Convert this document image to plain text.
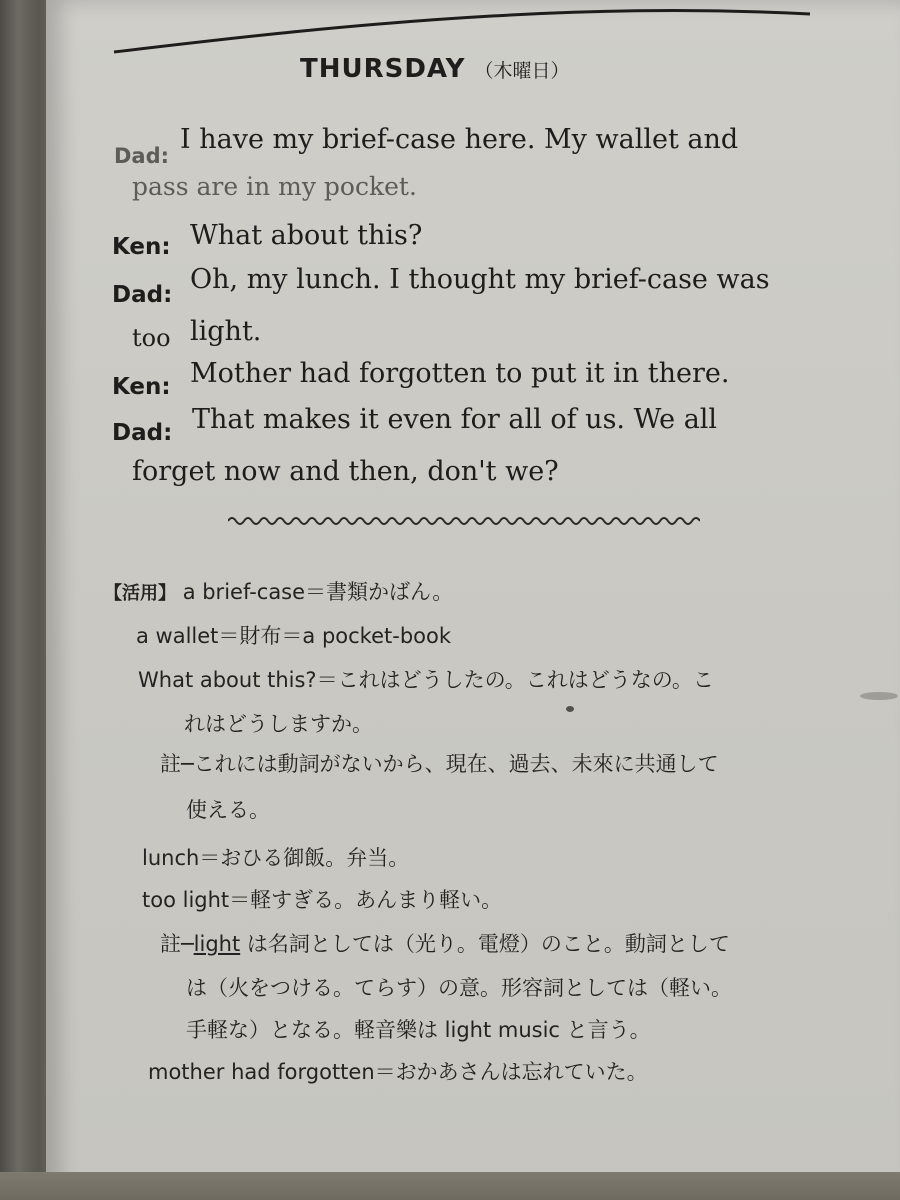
THURSDAY （木曜日）
Dad:
I have my brief-case here. My wallet and
pass are in my pocket.
Ken: What about this?
Dad: Oh, my lunch. I thought my brief-case was
too light.
Ken: Mother had forgotten to put it in there.
Dad: That makes it even for all of us. We all
forget now and then, don't we?
【活用】 a brief-case＝書類かばん。
a wallet＝財布＝a pocket-book
What about this?＝これはどうしたの。これはどうなの。こ
れはどうしますか。
註─これには動詞がないから、現在、過去、未來に共通して
使える。
lunch＝おひる御飯。弁当。
too light＝軽すぎる。あんまり軽い。
註─light は名詞としては（光り。電燈）のこと。動詞として
は（火をつける。てらす）の意。形容詞としては（軽い。
手軽な）となる。軽音樂は light music と言う。
mother had forgotten＝おかあさんは忘れていた。
